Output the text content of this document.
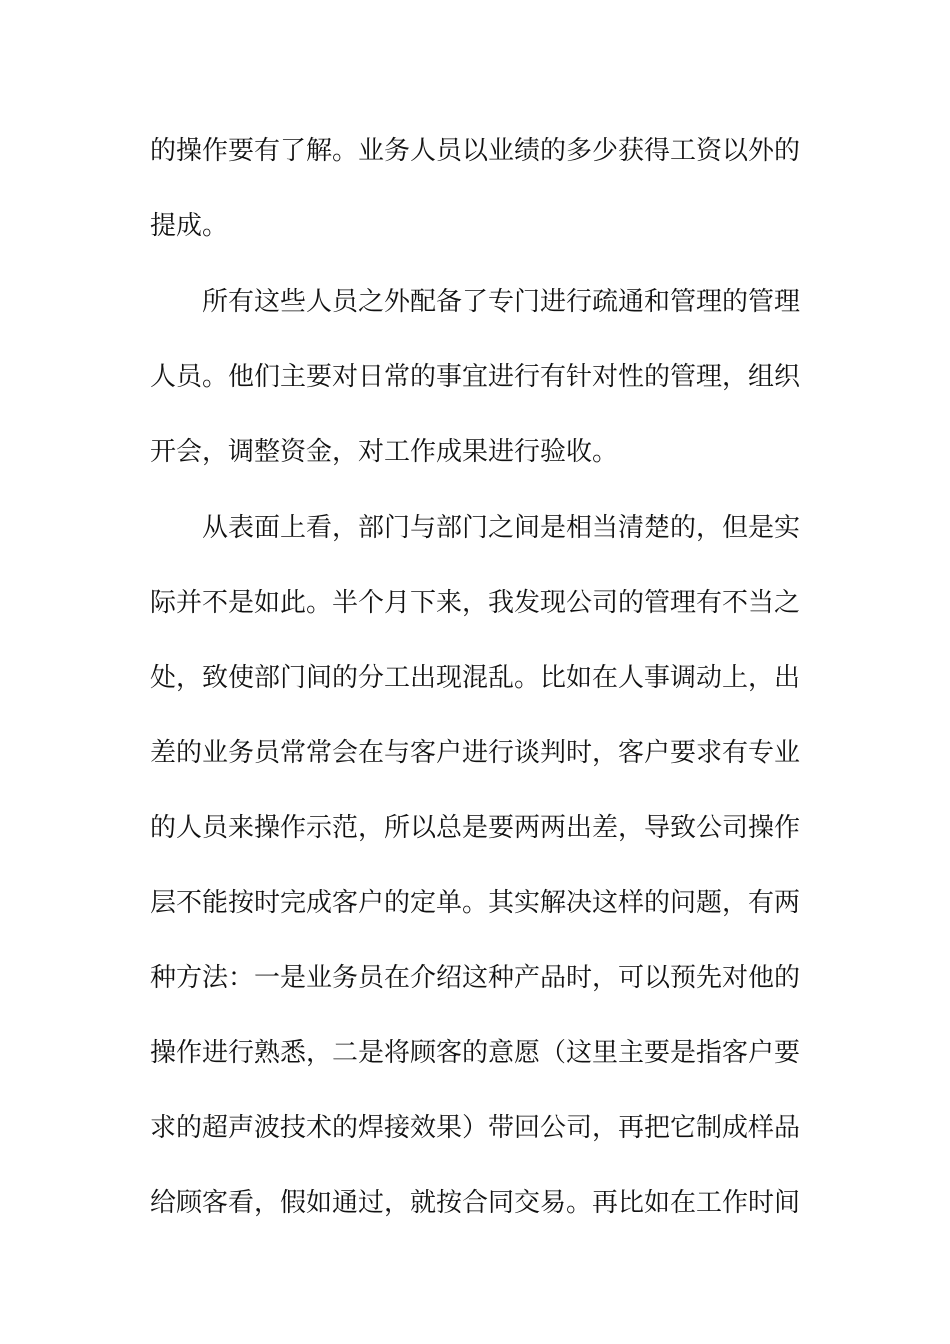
的操作要有了解。业务人员以业绩的多少获得工资以外的
提成。
所有这些人员之外配备了专门进行疏通和管理的管理
人员。他们主要对日常的事宜进行有针对性的管理，组织
开会，调整资金，对工作成果进行验收。
从表面上看，部门与部门之间是相当清楚的，但是实
际并不是如此。半个月下来，我发现公司的管理有不当之
处，致使部门间的分工出现混乱。比如在人事调动上，出
差的业务员常常会在与客户进行谈判时，客户要求有专业
的人员来操作示范，所以总是要两两出差，导致公司操作
层不能按时完成客户的定单。其实解决这样的问题，有两
种方法：一是业务员在介绍这种产品时，可以预先对他的
操作进行熟悉，二是将顾客的意愿（这里主要是指客户要
求的超声波技术的焊接效果）带回公司，再把它制成样品
给顾客看，假如通过，就按合同交易。再比如在工作时间
